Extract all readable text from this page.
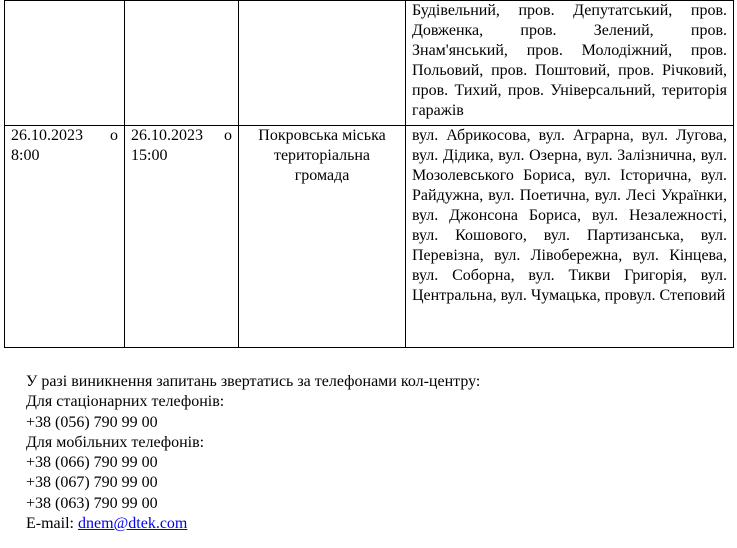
			Будівельний, пров. Депутатський, пров. Довженка, пров. Зелений, пров. Знам'янський, пров. Молодіжний, пров. Польовий, пров. Поштовий, пров. Річковий, пров. Тихий, пров. Універсальний, територія гаражів
26.10.2023 о 8:00	26.10.2023 о 15:00	Покровська міська територіальна громада	вул. Абрикосова, вул. Аграрна, вул. Лугова, вул. Дідика, вул. Озерна, вул. Залізнична, вул. Мозолевського Бориса, вул. Історична, вул. Райдужна, вул. Поетична, вул. Лесі Українки, вул. Джонсона Бориса, вул. Незалежності, вул. Кошового, вул. Партизанська, вул. Перевізна, вул. Лівобережна, вул. Кінцева, вул. Соборна, вул. Тикви Григорія, вул. Центральна, вул. Чумацька, провул. Степовий
У разі виникнення запитань звертатись за телефонами кол-центру:
Для стаціонарних телефонів:
+38 (056) 790 99 00
Для мобільних телефонів:
+38 (066) 790 99 00
+38 (067) 790 99 00
+38 (063) 790 99 00
E-mail: dnem@dtek.com
